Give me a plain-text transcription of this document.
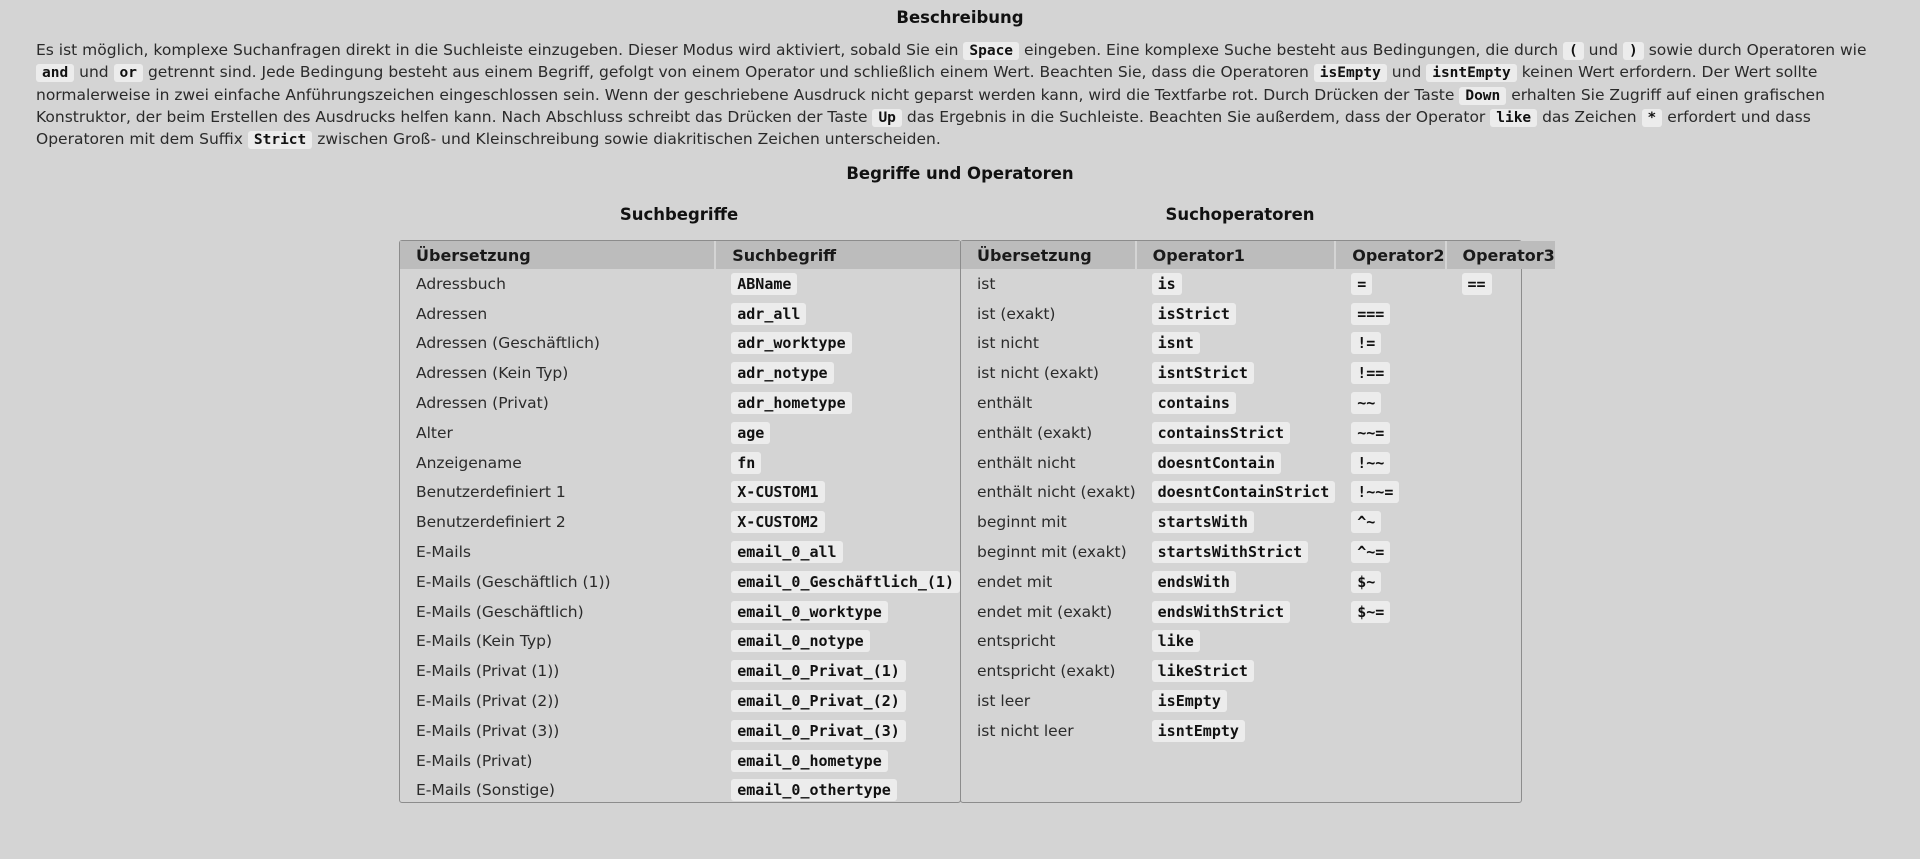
Beschreibung

Es ist möglich, komplexe Suchanfragen direkt in die Suchleiste einzugeben. Dieser Modus wird aktiviert, sobald Sie ein Space eingeben. Eine komplexe Suche besteht aus Bedingungen, die durch ( und ) sowie durch Operatoren wie and und or getrennt sind. Jede Bedingung besteht aus einem Begriff, gefolgt von einem Operator und schließlich einem Wert. Beachten Sie, dass die Operatoren isEmpty und isntEmpty keinen Wert erfordern. Der Wert sollte normalerweise in zwei einfache Anführungszeichen eingeschlossen sein. Wenn der geschriebene Ausdruck nicht geparst werden kann, wird die Textfarbe rot. Durch Drücken der Taste Down erhalten Sie Zugriff auf einen grafischen Konstruktor, der beim Erstellen des Ausdrucks helfen kann. Nach Abschluss schreibt das Drücken der Taste Up das Ergebnis in die Suchleiste. Beachten Sie außerdem, dass der Operator like das Zeichen * erfordert und dass Operatoren mit dem Suffix Strict zwischen Groß- und Kleinschreibung sowie diakritischen Zeichen unterscheiden.

Begriffe und Operatoren
Suchbegriffe	Suchoperatoren
Übersetzung	Suchbegriff
Adressbuch	ABName
Adressen	adr_all
Adressen (Geschäftlich)	adr_worktype
Adressen (Kein Typ)	adr_notype
Adressen (Privat)	adr_hometype
Alter	age
Anzeigename	fn
Benutzerdefiniert 1	X-CUSTOM1
Benutzerdefiniert 2	X-CUSTOM2
E-Mails	email_0_all
E-Mails (Geschäftlich (1))	email_0_Geschäftlich_(1)
E-Mails (Geschäftlich)	email_0_worktype
E-Mails (Kein Typ)	email_0_notype
E-Mails (Privat (1))	email_0_Privat_(1)
E-Mails (Privat (2))	email_0_Privat_(2)
E-Mails (Privat (3))	email_0_Privat_(3)
E-Mails (Privat)	email_0_hometype
E-Mails (Sonstige)	email_0_othertype
Übersetzung	Operator1	Operator2	Operator3
ist	is	=	==
ist (exakt)	isStrict	===	
ist nicht	isnt	!=	
ist nicht (exakt)	isntStrict	!==	
enthält	contains	~~	
enthält (exakt)	containsStrict	~~=	
enthält nicht	doesntContain	!~~	
enthält nicht (exakt)	doesntContainStrict	!~~=	
beginnt mit	startsWith	^~	
beginnt mit (exakt)	startsWithStrict	^~=	
endet mit	endsWith	$~	
endet mit (exakt)	endsWithStrict	$~=	
entspricht	like		
entspricht (exakt)	likeStrict		
ist leer	isEmpty		
ist nicht leer	isntEmpty		
